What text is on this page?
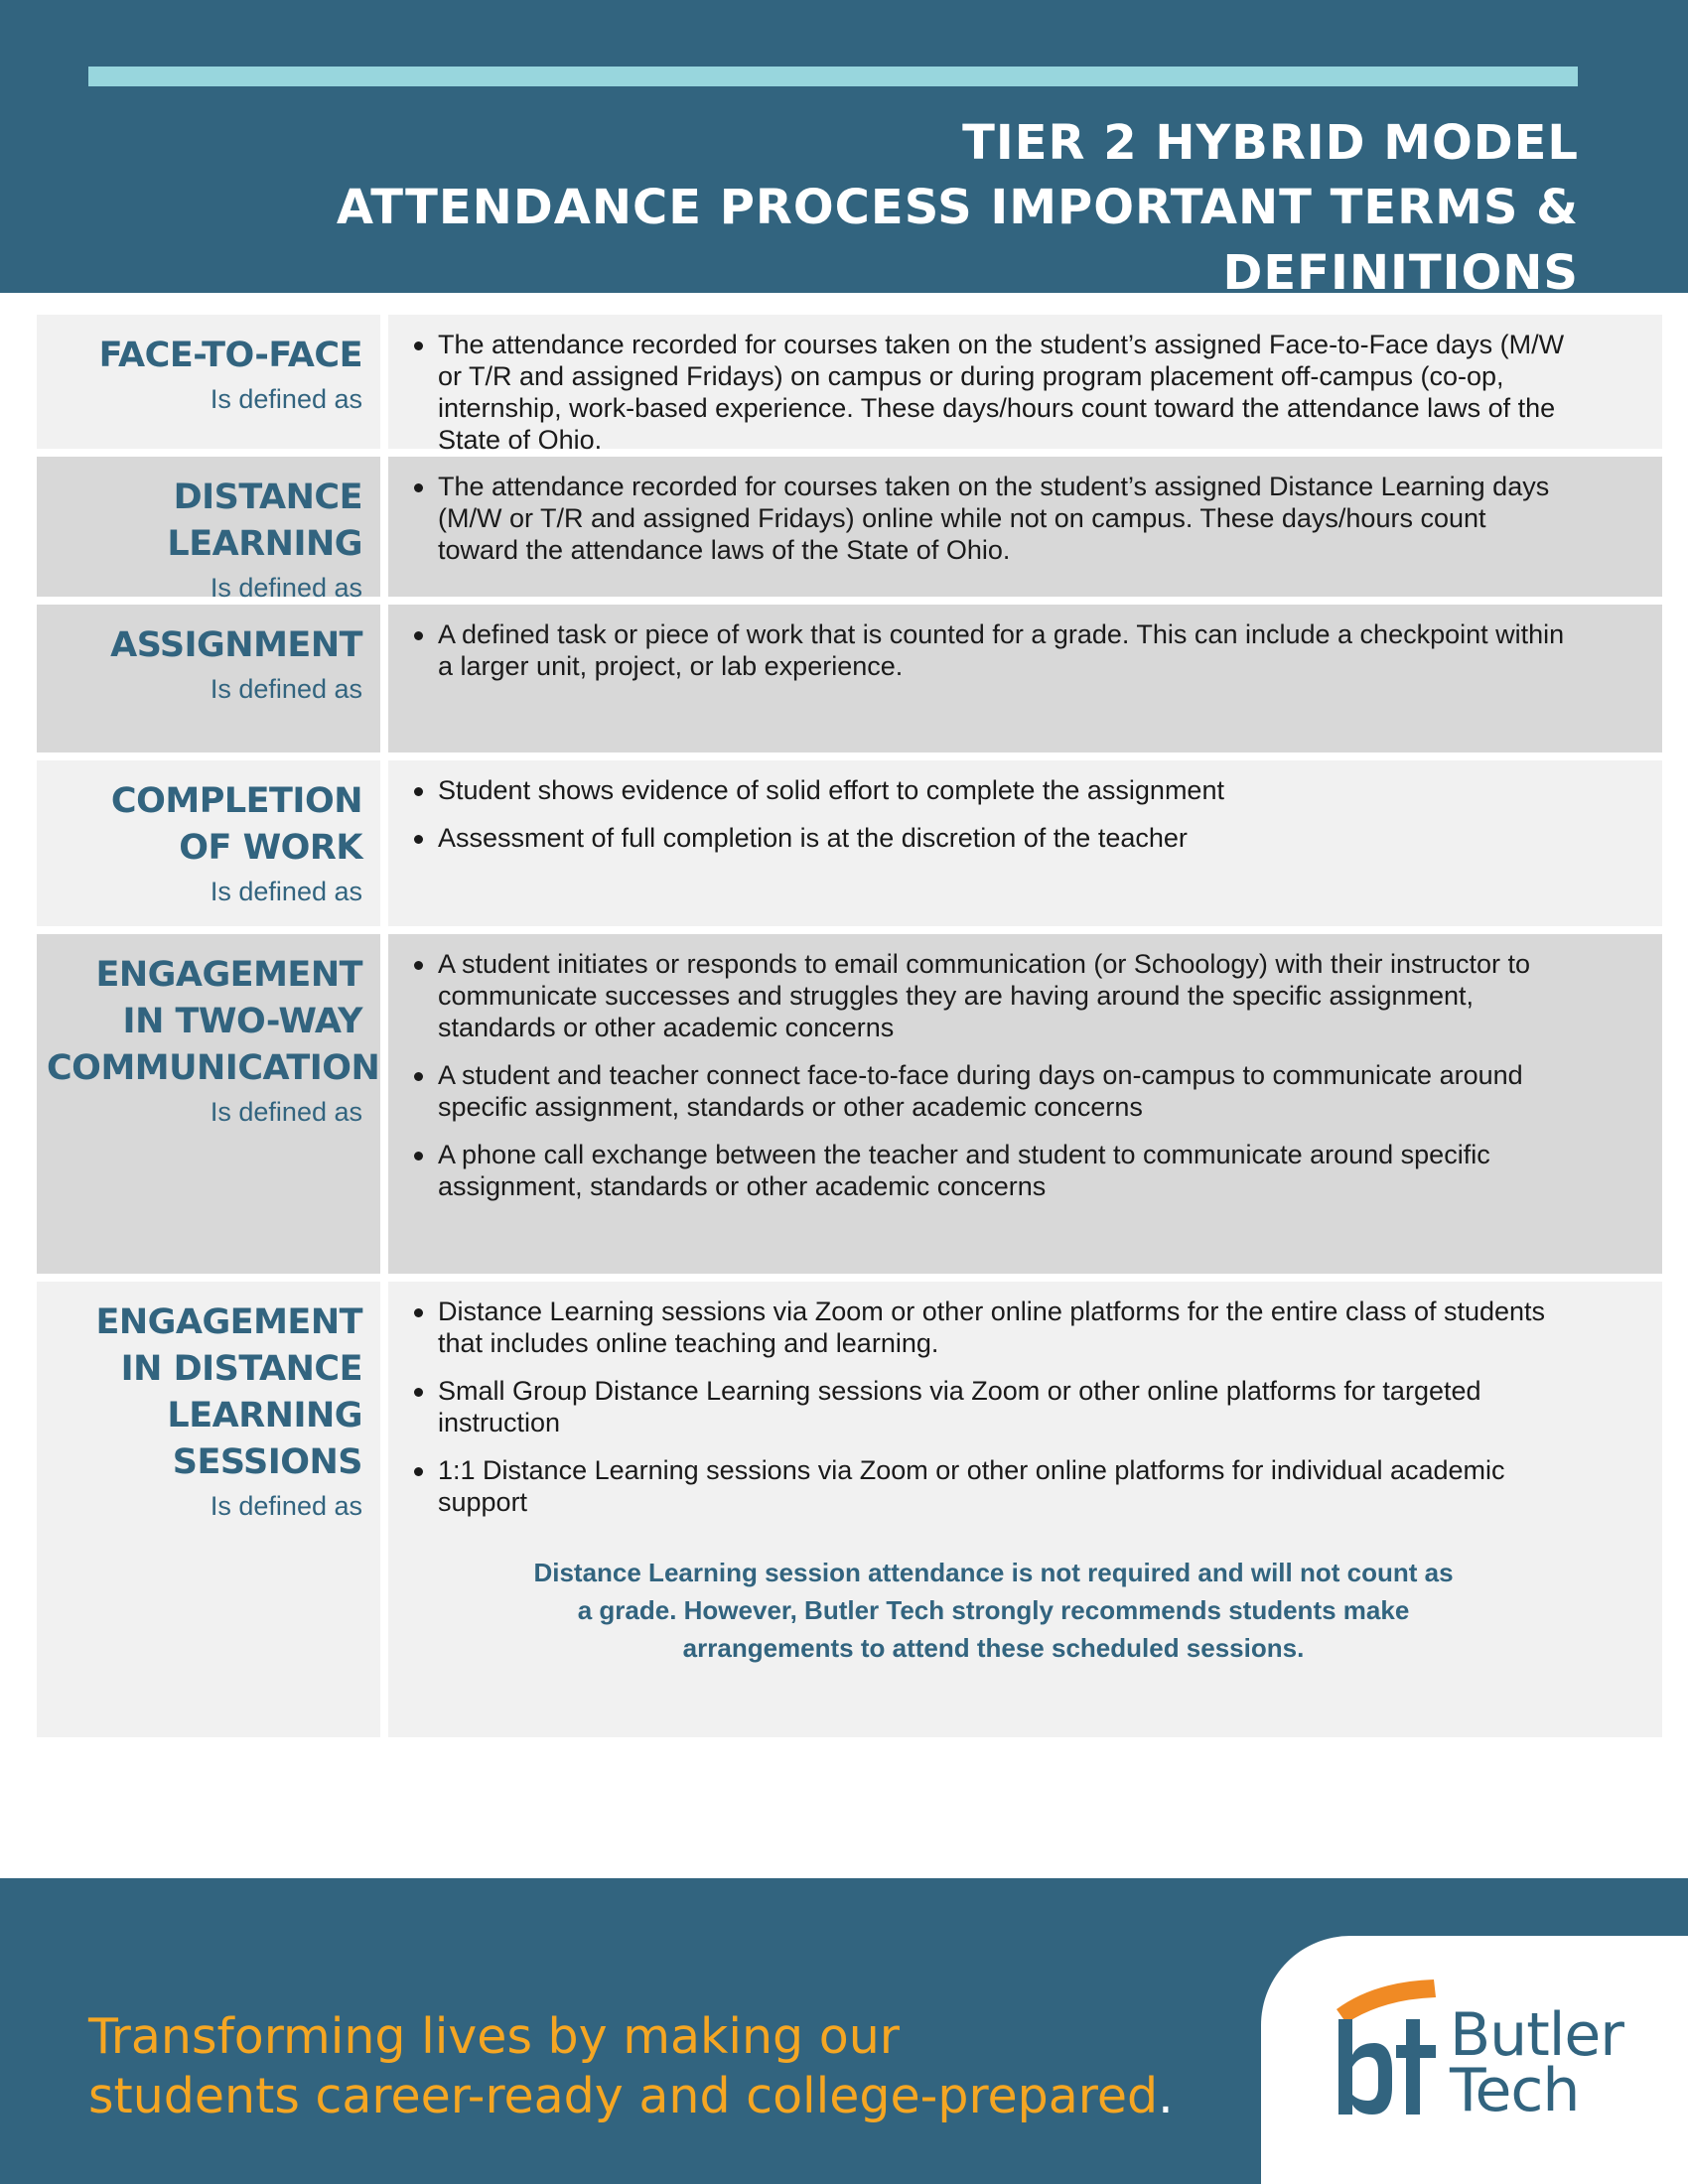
TIER 2 HYBRID MODEL
ATTENDANCE PROCESS IMPORTANT TERMS & DEFINITIONS
FACE-TO-FACE
Is defined as
The attendance recorded for courses taken on the student’s assigned Face-to-Face days (M/W or T/R and assigned Fridays) on campus or during program placement off-campus (co-op, internship, work-based experience. These days/hours count toward the attendance laws of the State of Ohio.
DISTANCE
LEARNING
Is defined as
The attendance recorded for courses taken on the student’s assigned Distance Learning days (M/W or T/R and assigned Fridays) online while not on campus. These days/hours count toward the attendance laws of the State of Ohio.
ASSIGNMENT
Is defined as
A defined task or piece of work that is counted for a grade. This can include a checkpoint within a larger unit, project, or lab experience.
COMPLETION
OF WORK
Is defined as
Student shows evidence of solid effort to complete the assignment
Assessment of full completion is at the discretion of the teacher
ENGAGEMENT
IN TWO-WAY
COMMUNICATION
Is defined as
A student initiates or responds to email communication (or Schoology) with their instructor to communicate successes and struggles they are having around the specific assignment, standards or other academic concerns
A student and teacher connect face-to-face during days on-campus to communicate around specific assignment, standards or other academic concerns
A phone call exchange between the teacher and student to communicate around specific assignment, standards or other academic concerns
ENGAGEMENT
IN DISTANCE
LEARNING
SESSIONS
Is defined as
Distance Learning sessions via Zoom or other online platforms for the entire class of students that includes online teaching and learning.
Small Group Distance Learning sessions via Zoom or other online platforms for targeted instruction
1:1 Distance Learning sessions via Zoom or other online platforms for individual academic support
Distance Learning session attendance is not required and will not count as a grade. However, Butler Tech strongly recommends students make arrangements to attend these scheduled sessions.
Transforming lives by making our
students career-ready and college-prepared.
Butler
Tech
